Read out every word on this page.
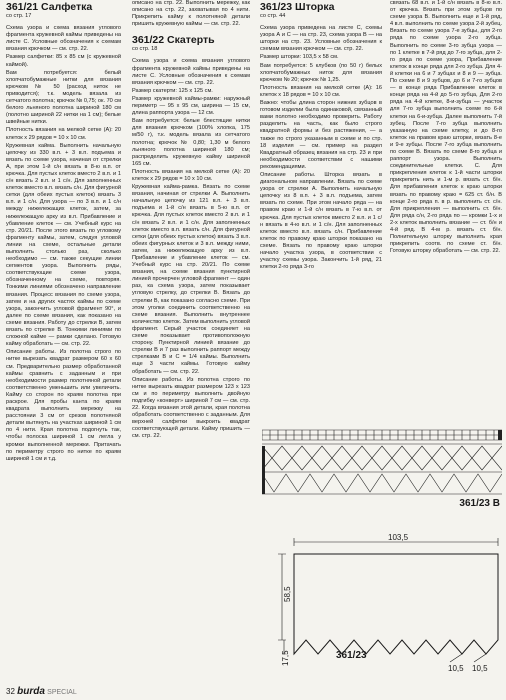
361/21 Салфетка
со стр. 17

Схема узора и схема вязания углового фрагмента кружевной каймы приведены на листе С. Условные обозначения к схемам вязания крючком — см. стр. 22.

Размер салфетки: 85 x 85 см (с кружевной каймой).

Вам потребуется: белый хлопчатобумажные нитки для вязания крючком № 50 (расход ниток не приводится); т.к. модель вязала из сетчатого полотна; крючок № 0,75; ок. 70 см белого льняного полотна шириной 180 см (полотно шириной 22 нитки на 1 см); белые швейные нитки.

Плотность вязания на мелкой сетке (А): 20 клеток x 29 рядов = 10 x 10 см.

Кружевная кайма. Выполнить начальную цепочку из 330 в.п. + 3 в.п. подъема и вязать по схеме узора, начиная от стрелки А, при этом 1-й с/н вязать в 8-ю в.п. от крючка. Для пустых клеток вместо 2 в.п. и 1 с/н вязать 2 в.п. и 1 с/н. Для заполненных клеток вместо в.п. вязать с/н. Для фигурной сетки (для обеих пустых клеток) вязать 3 в.п. и 1 с/н. Для узора — по 3 в.п. и 1 с/н между нижележащих клеток, затем, за нижележащую арку из в.п. Прибавление и убавление клеток — см. Учебный курс на стр. 20/21. После этого вязать по угловому фрагменту каймы, затем, следуя угловой линии на схеме, остальные детали выполнить столько раз, сколько необходимо — см. также секущие линии сегментов узора. Выполнить ряды, соответствующие схеме узора, обозначенному на схеме, повторяя. Тонкими линиями обозначено направление вязания. Процесс вязания по схеме узора, затем и на других частях каймы по схеме узора, закончить угловой фрагмент 90°, и далее по схеме вязания, как показано на схеме вязания. Работу до стрелки В, затем вязать по стрелке В. Тонкими линиями по сложной кайме — рамки сделано. Готовую кайму обработать — см. стр. 22.

Описание работы. Из полотна строго по нитке вырезать квадрат размером 60 x 60 см. Предварительно размер обработанной каймы сравнить с заданным и при необходимости размер полотняной детали соответственно уменьшить или увеличить. Кайму со сторон по краям полотна при раскрое. Для пробы канта по краям квадрата выполнить мережку на расстоянии 3 см от срезов полотняной детали вытянуть на участках шириной 1 см по 4 нити. Края полотна подогнуть так, чтобы полоска шириной 1 см легла у кромки выполненной мережки. Притачать по периметру строго по нитке по краям шириной 1 см и т.д.

описано на стр. 22. Выполнить мережку, как описано на стр. 22, захватывая по 4 нити. Прикрепить кайму к полотняной детали пришить кружевную каймы — см. стр. 22.

361/22 Скатерть
со стр. 18

Схема узора и схема вязания углового фрагмента кружевной каймы приведены на листе С. Условные обозначения к схемам вязания крючком — см. стр. 22.

Размер скатерти: 125 x 125 см.

Размер кружевной каймы-рамки: наружный периметр — 95 x 95 см, ширина — 15 см, длина раппорта узора — 12 см.

Вам потребуется: белые блестящие нитки для вязания крючком (100% хлопка, 175 м/50 г), т.к. модель вязала из сетчатого полотна; крючок № 0,80; 1,30 м белого льняного полотна шириной 180 см; распределить кружевную кайму шириной 165 см.

Плотность вязания на мелкой сетке (А): 20 клеток x 29 рядов = 10 x 10 см.

Кружевная кайма-рамка. Вязать по схеме вязания, начиная от стрелки А. Выполнить начальную цепочку из 121 в.п. + 3 в.п. подъема и 1-й с/н вязать в 5-ю в.п. от крючка. Для пустых клеток вместо 2 в.п. и 1 с/н вязать 2 в.п. и 1 с/н. Для заполненных клеток вместо в.п. вязать с/н. Для фигурной сетки (для обеих пустых клеток) вязать 3 в.п. обеих фигурных клеток и 3 в.п. между ними, затем, за нижележащую арку из в.п. Прибавление и убавление клеток — см. Учебный курс на стр. 20/21. По схеме вязания, на схеме вязания пунктирной линией прочерчен угловой фрагмент — один раз, ка схема узора, затем показывает угловую стрелку, до стрелки В. Вязать до стрелки В, как показано согласно схеме. При этом уголки соединить соответственно на схеме вязания. Выполнить внутреннее количество клеток. Затем выполнить угловой фрагмент. Серый участок соединяет на схеме показывает противоположную сторону. Пунктирной линией вязание до стрелки В и 7 раз выполнить раппорт между стрелками В и С = 1/4 каймы. Выполнить еще 3 части каймы. Готовую кайму обработать — см. стр. 22.

Описание работы. Из полотна строго по нитке вырезать квадрат размером 123 x 123 см и по периметру выполнить двойную подгибку «конверт» шириной 7 см — см. стр. 22. Когда вязания этой детали, края полотна обработать соответственно с заданным. Для верхней салфетки выкроить квадрат соответствующей детали. Кайму пришить — см. стр. 22.

361/23 Шторка
со стр. 44

Схема узора приведена на листе С, схемы узора А и С — на стр. 23, схема узора В — на шторки на стр. 23. Условные обозначения к схемам вязания крючком — см. стр. 22.

Размер шторки: 103,5 x 58 см.

Вам потребуется: 5 клубков (по 50 г) белых хлопчатобумажных ниток для вязания крючком № 20; крючок № 1,25.

Плотность вязания на мелкой сетке (А): 16 клеток x 18 рядов = 10 x 10 см.

Важно: чтобы длина сторон нижних зубцов в готовом изделии была одинаковой, связанный вами полотно необходимо проверить. Работу разделить на часть, как было строго квадратной формы и без растяжения, — а также по строго указанным в схеме и по стр. 18 изделия — см. пример на раздел Квадратный образец вязания на стр. 23 и при необходимости соответствии с нашими рекомендациями.

Описание работы. Шторка вязать в диагональном направлении. Вязать по схеме узора от стрелки А. Выполнить начальную цепочку из 8 в.п. + 3 в.п. подъема, затем вязать по схеме. При этом начало ряда — на правом краю и 1-й с/н вязать в 7-ю в.п. от крючка. Для пустых клеток вместо 2 в.п. и 1 с/н вязать в 4-ю в.п. и 1 с/н. Для заполненных клеток вместо в.п. вязать с/н. Прибавление клеток по правому краю шторки показано на схеме. Вязать по правому краю шторки начало участка узора, в соответствии с участку схемы узора. Закончить 1-й ряд, 21 клетки 2-го ряда 3-го

связать 68 в.п. и 1-й с/н вязать в 8-ю в.п. от крючка. Вязать при этом зубцов по схеме узора В. Выполнить еще и 1-й ряд, 4 в.п. выполнить по схеме узора 2-й зубец. Вязать по схеме узора 7-е зубцы, для 2-го ряда по схеме узора 2-го зубца. Выполнить по схеме 3-го зубца узора — по 1 клетке в 7-й ряд до 7-го зубца, для 2-го ряда по схеме узора, Прибавление клеток в конце ряда для 2-го зубца. Для 4-й клетки на 6 и 7 зубцах и 8 и 9 — зубца. По схеме 8 и 9 зубцов, до 6 и 7-го зубцов — в конце ряда Прибавление клеток в конце ряда на 4-й до 5-го зубца, Для 2-го ряда на 4-й клетке, 8-и-зубца — участок для 7-го зубца выполнить схеме по 6-й клетки на 6-и-зубца. Далее выполнить 7-й зубец. После 7-го зубца выполнить указанную на схеме клетку, и до 8-го клеток на правом краю шторки, вязать 8-е и 9-е зубцы. После 7-го зубца выполнить по схеме В. Вязать по схеме 8-го зубца и раппорт узора. Выполнить соединительные клетки. С. Для прикрепления клеток к 1-й части шторки прикрепить нить и 1-м р. вязать ст. б/н. Для прибавления клеток к краю шторки вязать по правому краю = 625 ст. б/н. В конце 2-го ряда п. в р. выполнить ст. с/н. Для прикрепления — выполнить ст. б/н. Для ряда с/н, 2-го ряда по — кромки 1-х и 2-х клеток выполнить вязание — ст. б/н и 4-й ряд. В 4-м р. вязать ст. б/н. Полнительную шторку выполнить края прикрепить соотв. по схеме ст. б/н. Готовую шторку обработать — см. стр. 22.

361/23 В
103,5
58,5
17,5
10,5 10,5
361/23
32 burda SPECIAL
